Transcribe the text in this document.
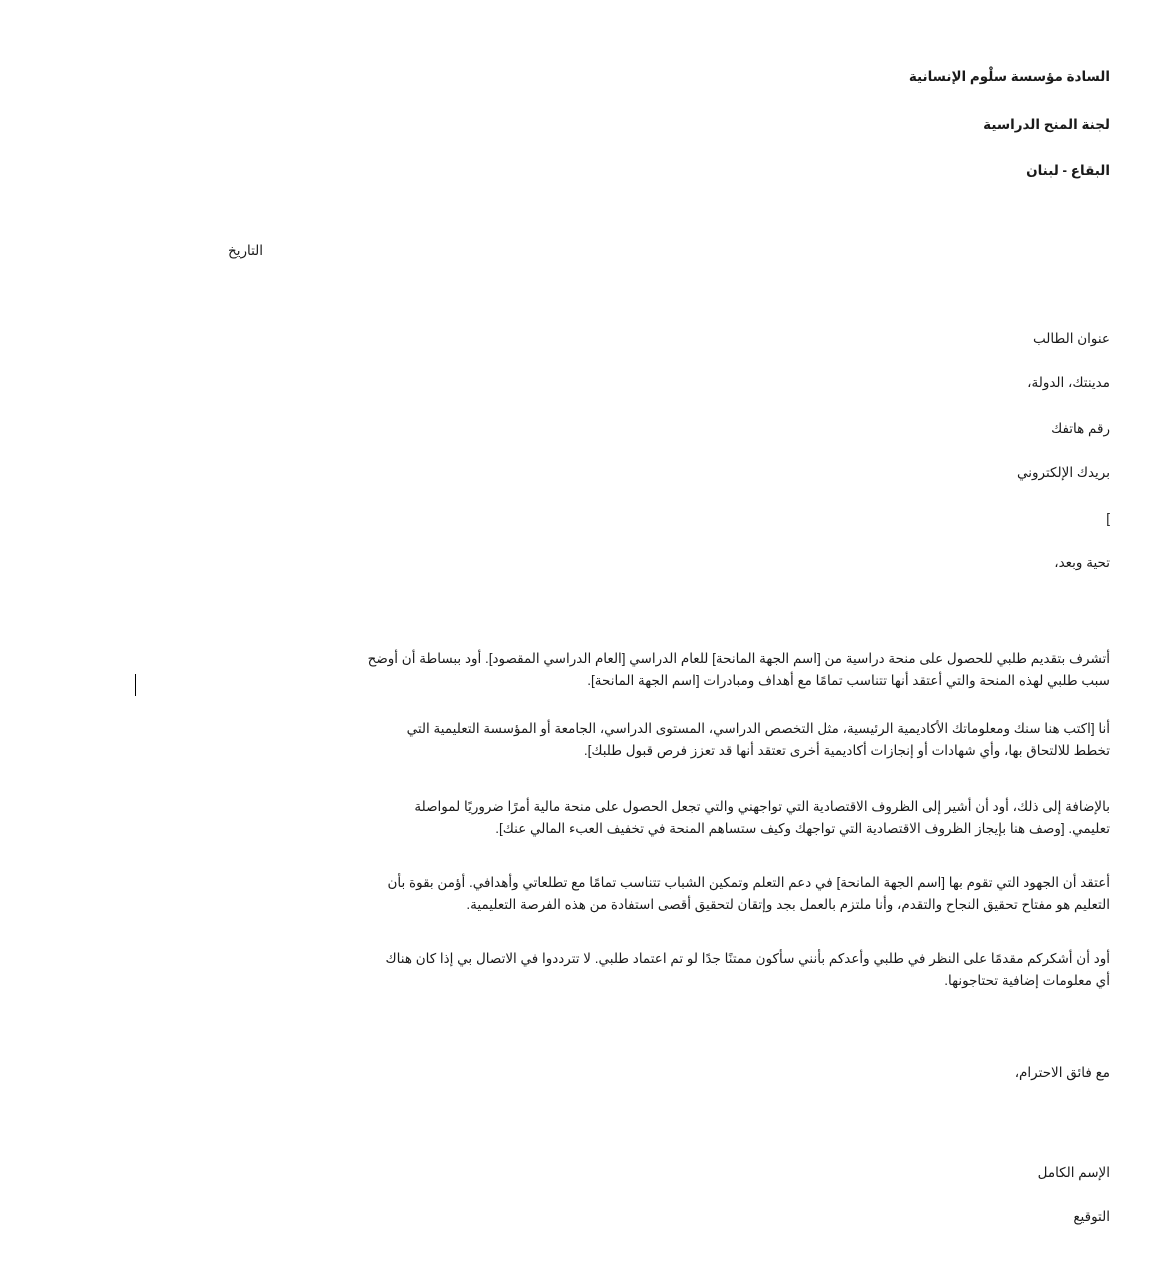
السادة مؤسسة سلْوم الإنسانية
لجنة المنح الدراسية
البقاع - لبنان
التاريخ
عنوان الطالب
مدينتك، الدولة،
رقم هاتفك
بريدك الإلكتروني
]
تحية وبعد،
أتشرف بتقديم طلبي للحصول على منحة دراسية من [اسم الجهة المانحة] للعام الدراسي [العام الدراسي المقصود]. أود ببساطة أن أوضح
سبب طلبي لهذه المنحة والتي أعتقد أنها تتناسب تمامًا مع أهداف ومبادرات [اسم الجهة المانحة].
أنا [اكتب هنا سنك ومعلوماتك الأكاديمية الرئيسية، مثل التخصص الدراسي، المستوى الدراسي، الجامعة أو المؤسسة التعليمية التي
تخطط للالتحاق بها، وأي شهادات أو إنجازات أكاديمية أخرى تعتقد أنها قد تعزز فرص قبول طلبك].
بالإضافة إلى ذلك، أود أن أشير إلى الظروف الاقتصادية التي تواجهني والتي تجعل الحصول على منحة مالية أمرًا ضروريًا لمواصلة
تعليمي. [وصف هنا بإيجاز الظروف الاقتصادية التي تواجهك وكيف ستساهم المنحة في تخفيف العبء المالي عنك].
أعتقد أن الجهود التي تقوم بها [اسم الجهة المانحة] في دعم التعلم وتمكين الشباب تتناسب تمامًا مع تطلعاتي وأهدافي. أؤمن بقوة بأن
التعليم هو مفتاح تحقيق النجاح والتقدم، وأنا ملتزم بالعمل بجد وإتقان لتحقيق أقصى استفادة من هذه الفرصة التعليمية.
أود أن أشكركم مقدمًا على النظر في طلبي وأعدكم بأنني سأكون ممتنًا جدًا لو تم اعتماد طلبي. لا تترددوا في الاتصال بي إذا كان هناك
أي معلومات إضافية تحتاجونها.
مع فائق الاحترام،
الإسم الكامل
التوقيع
